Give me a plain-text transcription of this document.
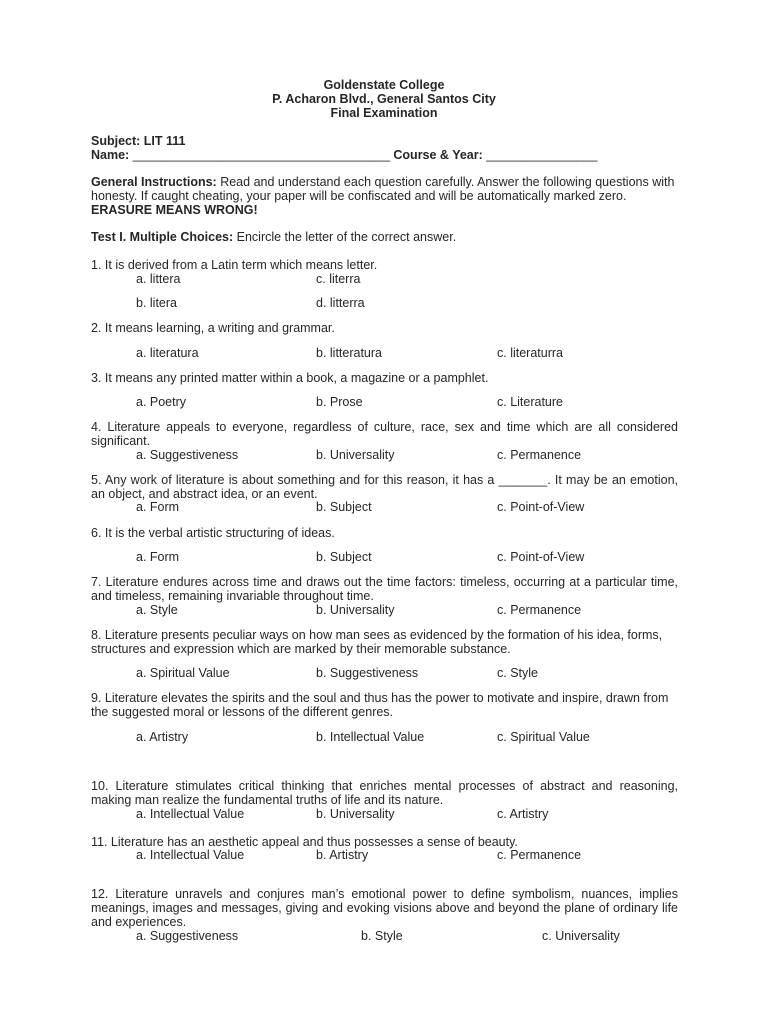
Goldenstate College
P. Acharon Blvd., General Santos City
Final Examination
Subject: LIT 111
Name: _____________________________________ Course & Year: ________________
General Instructions: Read and understand each question carefully. Answer the following questions with honesty. If caught cheating, your paper will be confiscated and will be automatically marked zero. ERASURE MEANS WRONG!
Test I. Multiple Choices: Encircle the letter of the correct answer.
1. It is derived from a Latin term which means letter.
a. littera	c. literra
b. litera	d. litterra
2. It means learning, a writing and grammar.
a. literatura	b. litteratura	c. literaturra
3. It means any printed matter within a book, a magazine or a pamphlet.
a. Poetry	b. Prose	c. Literature
4. Literature appeals to everyone, regardless of culture, race, sex and time which are all considered significant.
a. Suggestiveness	b. Universality	c. Permanence
5. Any work of literature is about something and for this reason, it has a _______. It may be an emotion, an object, and abstract idea, or an event.
a. Form	b. Subject	c. Point-of-View
6. It is the verbal artistic structuring of ideas.
a. Form	b. Subject	c. Point-of-View
7. Literature endures across time and draws out the time factors: timeless, occurring at a particular time, and timeless, remaining invariable throughout time.
a. Style	b. Universality	c. Permanence
8. Literature presents peculiar ways on how man sees as evidenced by the formation of his idea, forms, structures and expression which are marked by their memorable substance.
a. Spiritual Value	b. Suggestiveness	c. Style
9. Literature elevates the spirits and the soul and thus has the power to motivate and inspire, drawn from the suggested moral or lessons of the different genres.
a. Artistry	b. Intellectual Value	c. Spiritual Value
10. Literature stimulates critical thinking that enriches mental processes of abstract and reasoning, making man realize the fundamental truths of life and its nature.
a. Intellectual Value	b. Universality	c. Artistry
11. Literature has an aesthetic appeal and thus possesses a sense of beauty.
a. Intellectual Value	b. Artistry	c. Permanence
12. Literature unravels and conjures man’s emotional power to define symbolism, nuances, implies meanings, images and messages, giving and evoking visions above and beyond the plane of ordinary life and experiences.
a. Suggestiveness	b. Style	c. Universality
